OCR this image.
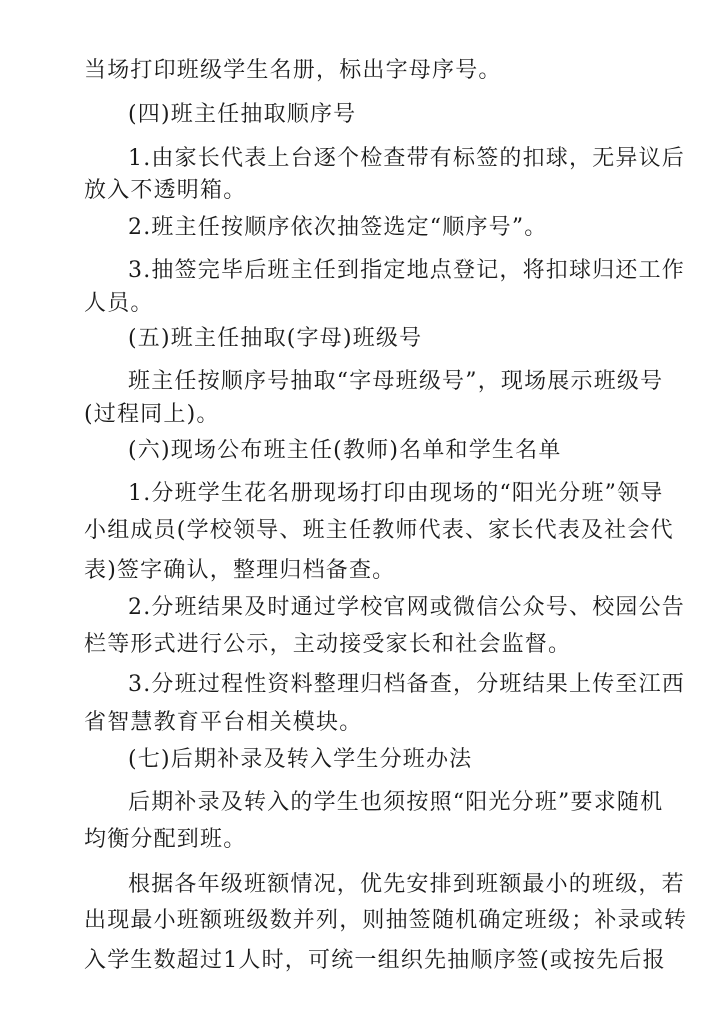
当场打印班级学生名册，标出字母序号。
(四)班主任抽取顺序号
1.由家长代表上台逐个检查带有标签的扣球，无异议后
放入不透明箱。
2.班主任按顺序依次抽签选定“顺序号”。
3.抽签完毕后班主任到指定地点登记，将扣球归还工作
人员。
(五)班主任抽取(字母)班级号
班主任按顺序号抽取“字母班级号”，现场展示班级号
(过程同上)。
(六)现场公布班主任(教师)名单和学生名单
1.分班学生花名册现场打印由现场的“阳光分班”领导
小组成员(学校领导、班主任教师代表、家长代表及社会代
表)签字确认，整理归档备查。
2.分班结果及时通过学校官网或微信公众号、校园公告
栏等形式进行公示，主动接受家长和社会监督。
3.分班过程性资料整理归档备查，分班结果上传至江西
省智慧教育平台相关模块。
(七)后期补录及转入学生分班办法
后期补录及转入的学生也须按照“阳光分班”要求随机
均衡分配到班。
根据各年级班额情况，优先安排到班额最小的班级，若
出现最小班额班级数并列，则抽签随机确定班级；补录或转
入学生数超过1人时，可统一组织先抽顺序签(或按先后报
